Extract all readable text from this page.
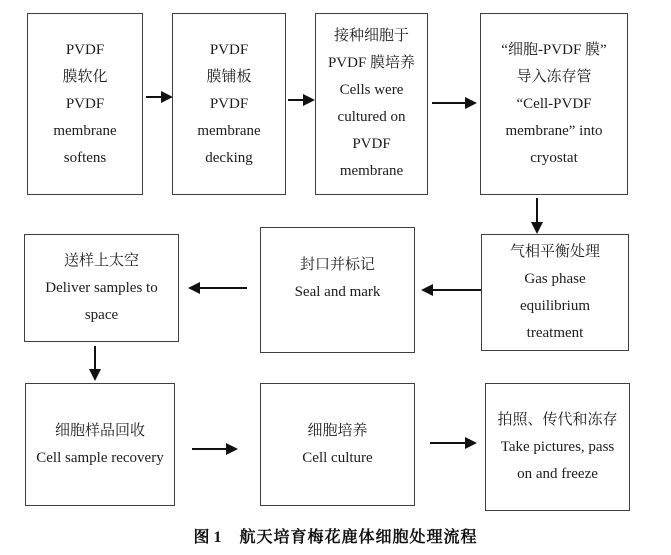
PVDF
膜软化
PVDF
membrane
softens
PVDF
膜铺板
PVDF
membrane
decking
接种细胞于
PVDF 膜培养
Cells were
cultured on
PVDF
membrane
“细胞-PVDF 膜”
导入冻存管
“Cell-PVDF
membrane” into
cryostat
气相平衡处理
Gas phase
equilibrium
treatment
封口并标记
Seal and mark
送样上太空
Deliver samples to
space
细胞样品回收
Cell sample recovery
细胞培养
Cell culture
拍照、传代和冻存
Take pictures, pass
on and freeze
图 1 航天培育梅花鹿体细胞处理流程
